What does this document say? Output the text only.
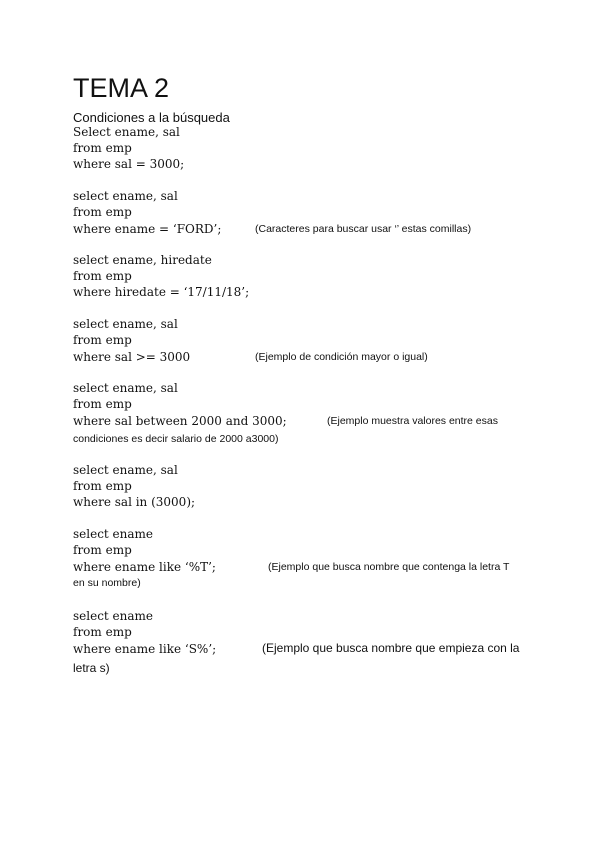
TEMA 2
Condiciones a la búsqueda
Select ename, sal
from emp
where sal = 3000;
select ename, sal
from emp
where ename = ‘FORD’;	(Caracteres para buscar usar ‘’ estas comillas)
select ename, hiredate
from emp
where hiredate = ‘17/11/18’;
select ename, sal
from emp
where sal >= 3000	(Ejemplo de condición mayor o igual)
select ename, sal
from emp
where sal between 2000 and 3000;	(Ejemplo muestra valores entre esas
condiciones es decir salario de 2000 a3000)
select ename, sal
from emp
where sal in (3000);
select ename
from emp
where ename like ‘%T’;	(Ejemplo que busca nombre que contenga la letra T
en su nombre)
select ename
from emp
where ename like ‘S%’;	(Ejemplo que busca nombre que empieza con la
letra s)
